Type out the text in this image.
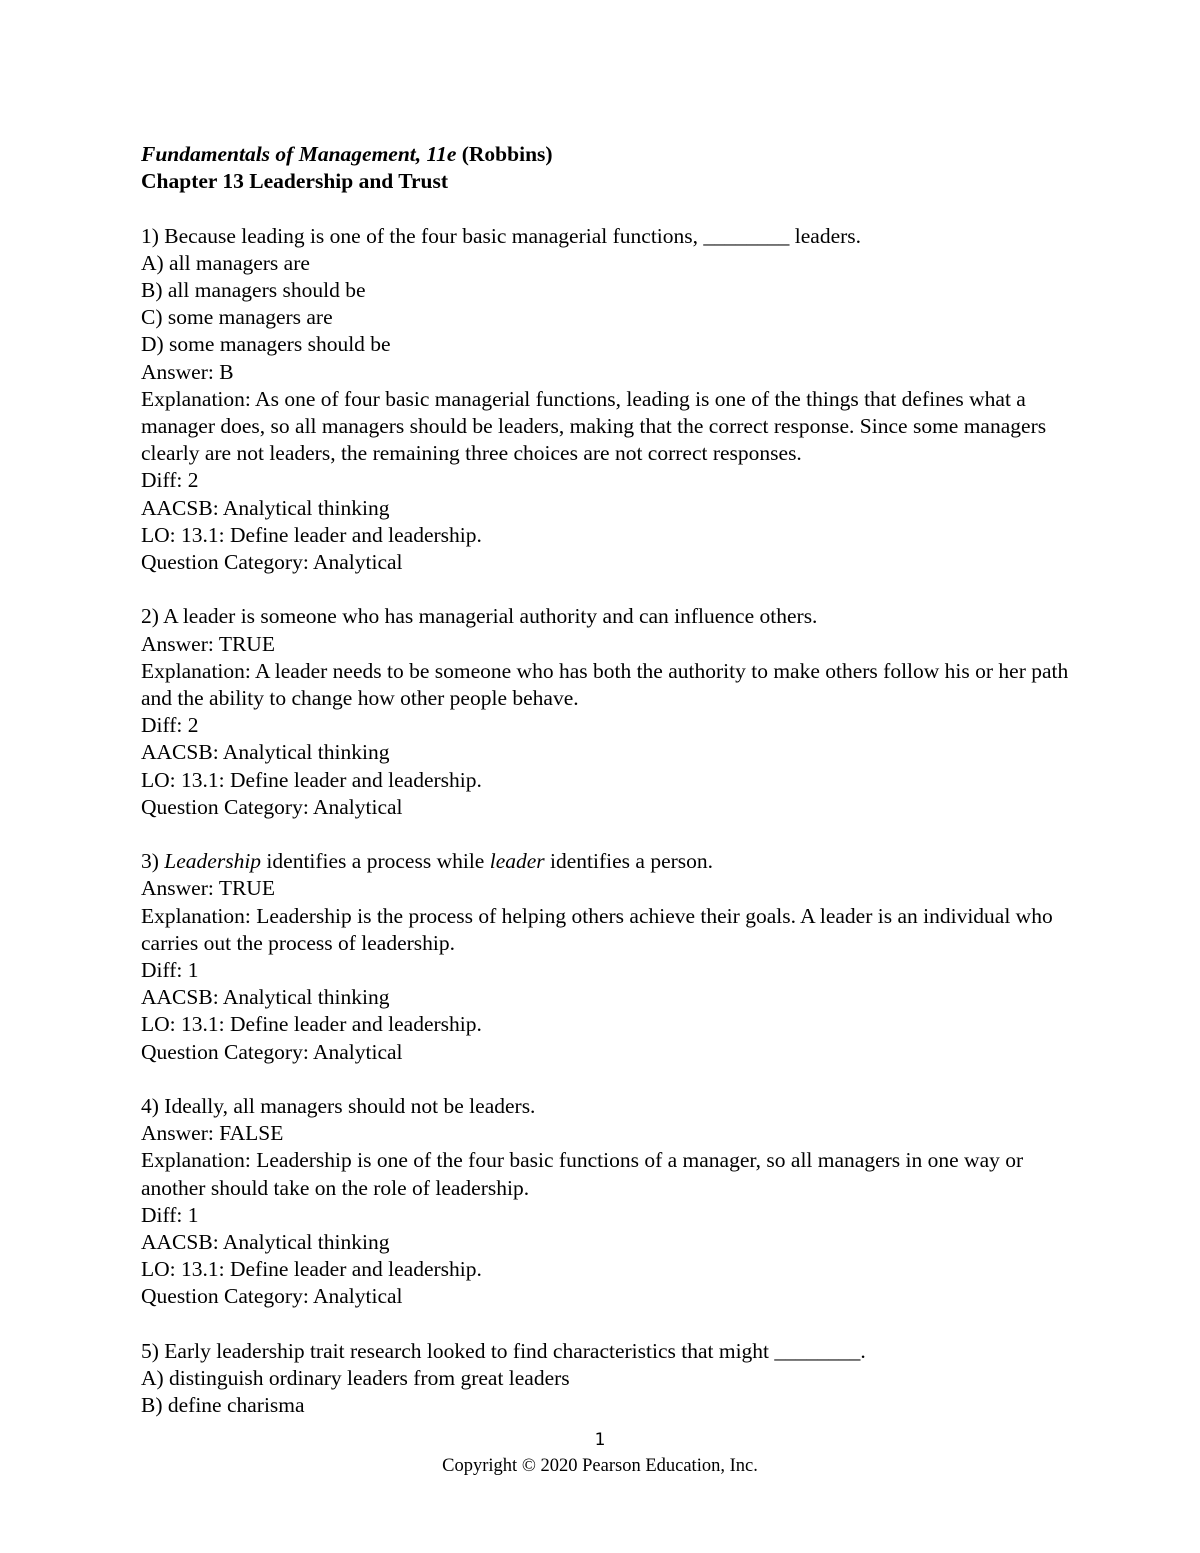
Fundamentals of Management, 11e (Robbins)
Chapter 13 Leadership and Trust
1) Because leading is one of the four basic managerial functions, ________ leaders.
A) all managers are
B) all managers should be
C) some managers are
D) some managers should be
Answer: B
Explanation: As one of four basic managerial functions, leading is one of the things that defines what a manager does, so all managers should be leaders, making that the correct response. Since some managers clearly are not leaders, the remaining three choices are not correct responses.
Diff: 2
AACSB: Analytical thinking
LO: 13.1: Define leader and leadership.
Question Category: Analytical
2) A leader is someone who has managerial authority and can influence others.
Answer: TRUE
Explanation: A leader needs to be someone who has both the authority to make others follow his or her path and the ability to change how other people behave.
Diff: 2
AACSB: Analytical thinking
LO: 13.1: Define leader and leadership.
Question Category: Analytical
3) Leadership identifies a process while leader identifies a person.
Answer: TRUE
Explanation: Leadership is the process of helping others achieve their goals. A leader is an individual who carries out the process of leadership.
Diff: 1
AACSB: Analytical thinking
LO: 13.1: Define leader and leadership.
Question Category: Analytical
4) Ideally, all managers should not be leaders.
Answer: FALSE
Explanation: Leadership is one of the four basic functions of a manager, so all managers in one way or another should take on the role of leadership.
Diff: 1
AACSB: Analytical thinking
LO: 13.1: Define leader and leadership.
Question Category: Analytical
5) Early leadership trait research looked to find characteristics that might ________.
A) distinguish ordinary leaders from great leaders
B) define charisma
1
Copyright © 2020 Pearson Education, Inc.
